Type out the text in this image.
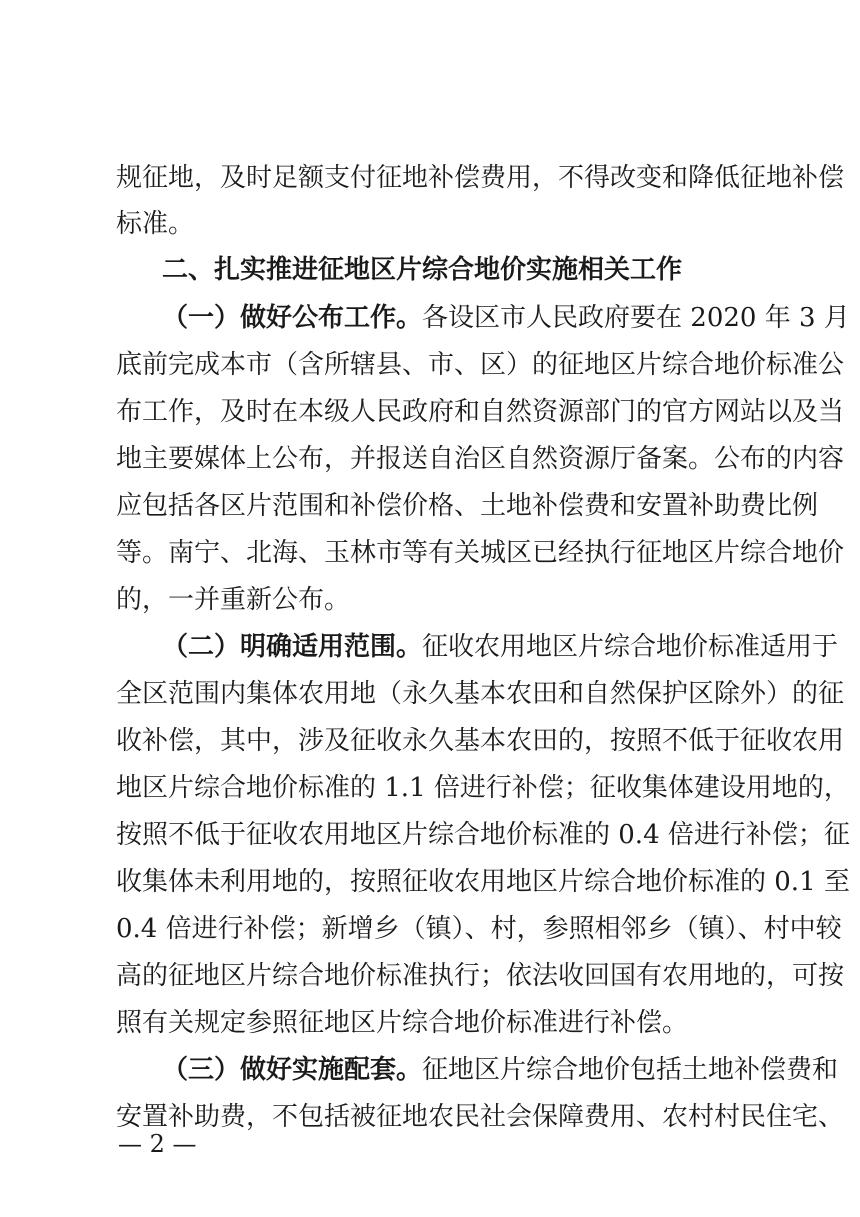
规征地，及时足额支付征地补偿费用，不得改变和降低征地补偿
标准。
二、扎实推进征地区片综合地价实施相关工作
（一）做好公布工作。各设区市人民政府要在 2020 年 3 月
底前完成本市（含所辖县、市、区）的征地区片综合地价标准公
布工作，及时在本级人民政府和自然资源部门的官方网站以及当
地主要媒体上公布，并报送自治区自然资源厅备案。公布的内容
应包括各区片范围和补偿价格、土地补偿费和安置补助费比例
等。南宁、北海、玉林市等有关城区已经执行征地区片综合地价
的，一并重新公布。
（二）明确适用范围。征收农用地区片综合地价标准适用于
全区范围内集体农用地（永久基本农田和自然保护区除外）的征
收补偿，其中，涉及征收永久基本农田的，按照不低于征收农用
地区片综合地价标准的 1.1 倍进行补偿；征收集体建设用地的，
按照不低于征收农用地区片综合地价标准的 0.4 倍进行补偿；征
收集体未利用地的，按照征收农用地区片综合地价标准的 0.1 至
0.4 倍进行补偿；新增乡（镇）、村，参照相邻乡（镇）、村中较
高的征地区片综合地价标准执行；依法收回国有农用地的，可按
照有关规定参照征地区片综合地价标准进行补偿。
（三）做好实施配套。征地区片综合地价包括土地补偿费和
安置补助费，不包括被征地农民社会保障费用、农村村民住宅、
— 2 —
